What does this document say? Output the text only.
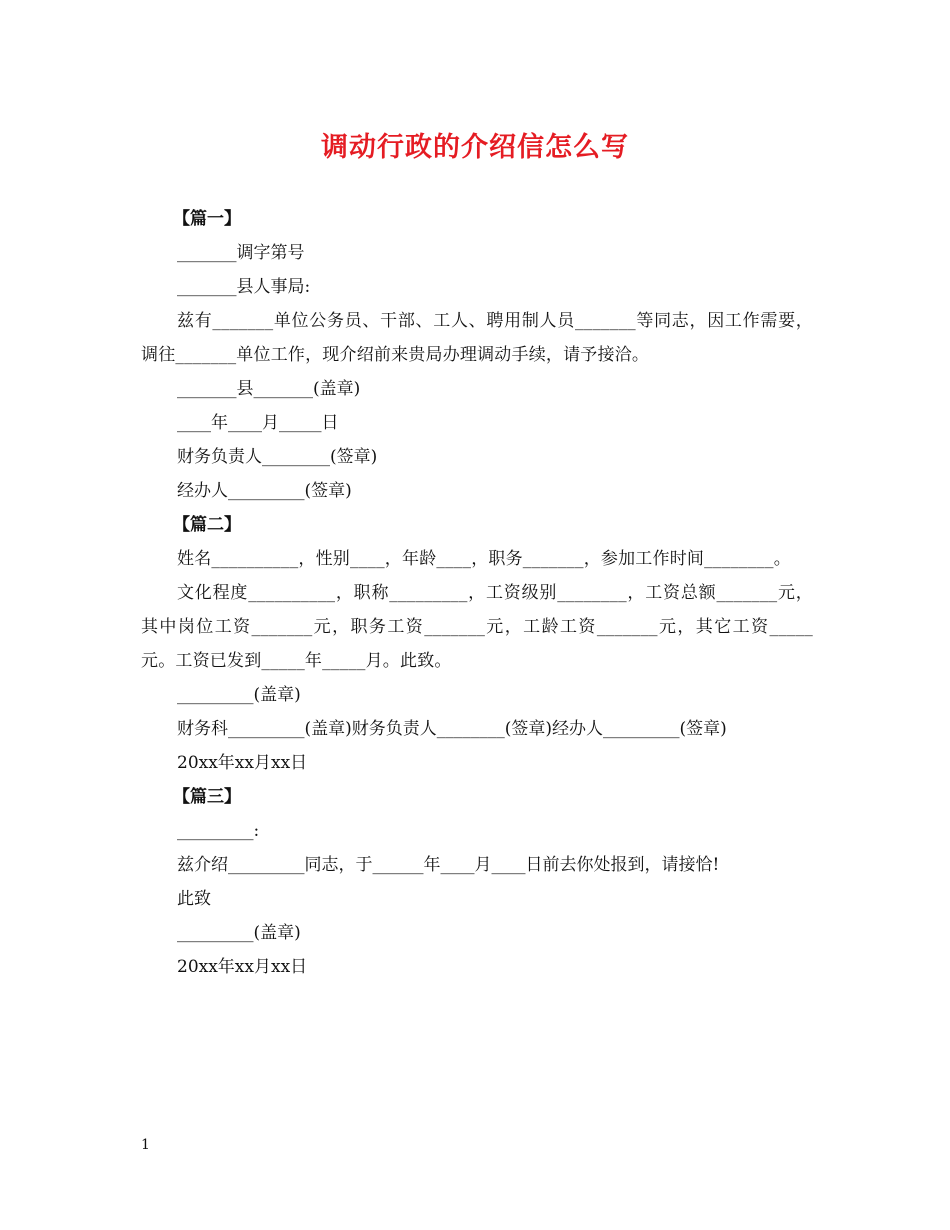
调动行政的介绍信怎么写
【篇一】
_______调字第号
_______县人事局:
兹有_______单位公务员、干部、工人、聘用制人员_______等同志，因工作需要，调往_______单位工作，现介绍前来贵局办理调动手续，请予接洽。
_______县_______(盖章)
____年____月_____日
财务负责人________(签章)
经办人_________(签章)
【篇二】
姓名__________，性别____，年龄____，职务_______，参加工作时间________。
文化程度__________，职称_________，工资级别________，工资总额_______元，其中岗位工资_______元，职务工资_______元，工龄工资_______元，其它工资_____元。工资已发到_____年_____月。此致。
_________(盖章)
财务科_________(盖章)财务负责人________(签章)经办人_________(签章)
20xx年xx月xx日
【篇三】
_________:
兹介绍_________同志，于______年____月____日前去你处报到，请接恰!
此致
_________(盖章)
20xx年xx月xx日
1
